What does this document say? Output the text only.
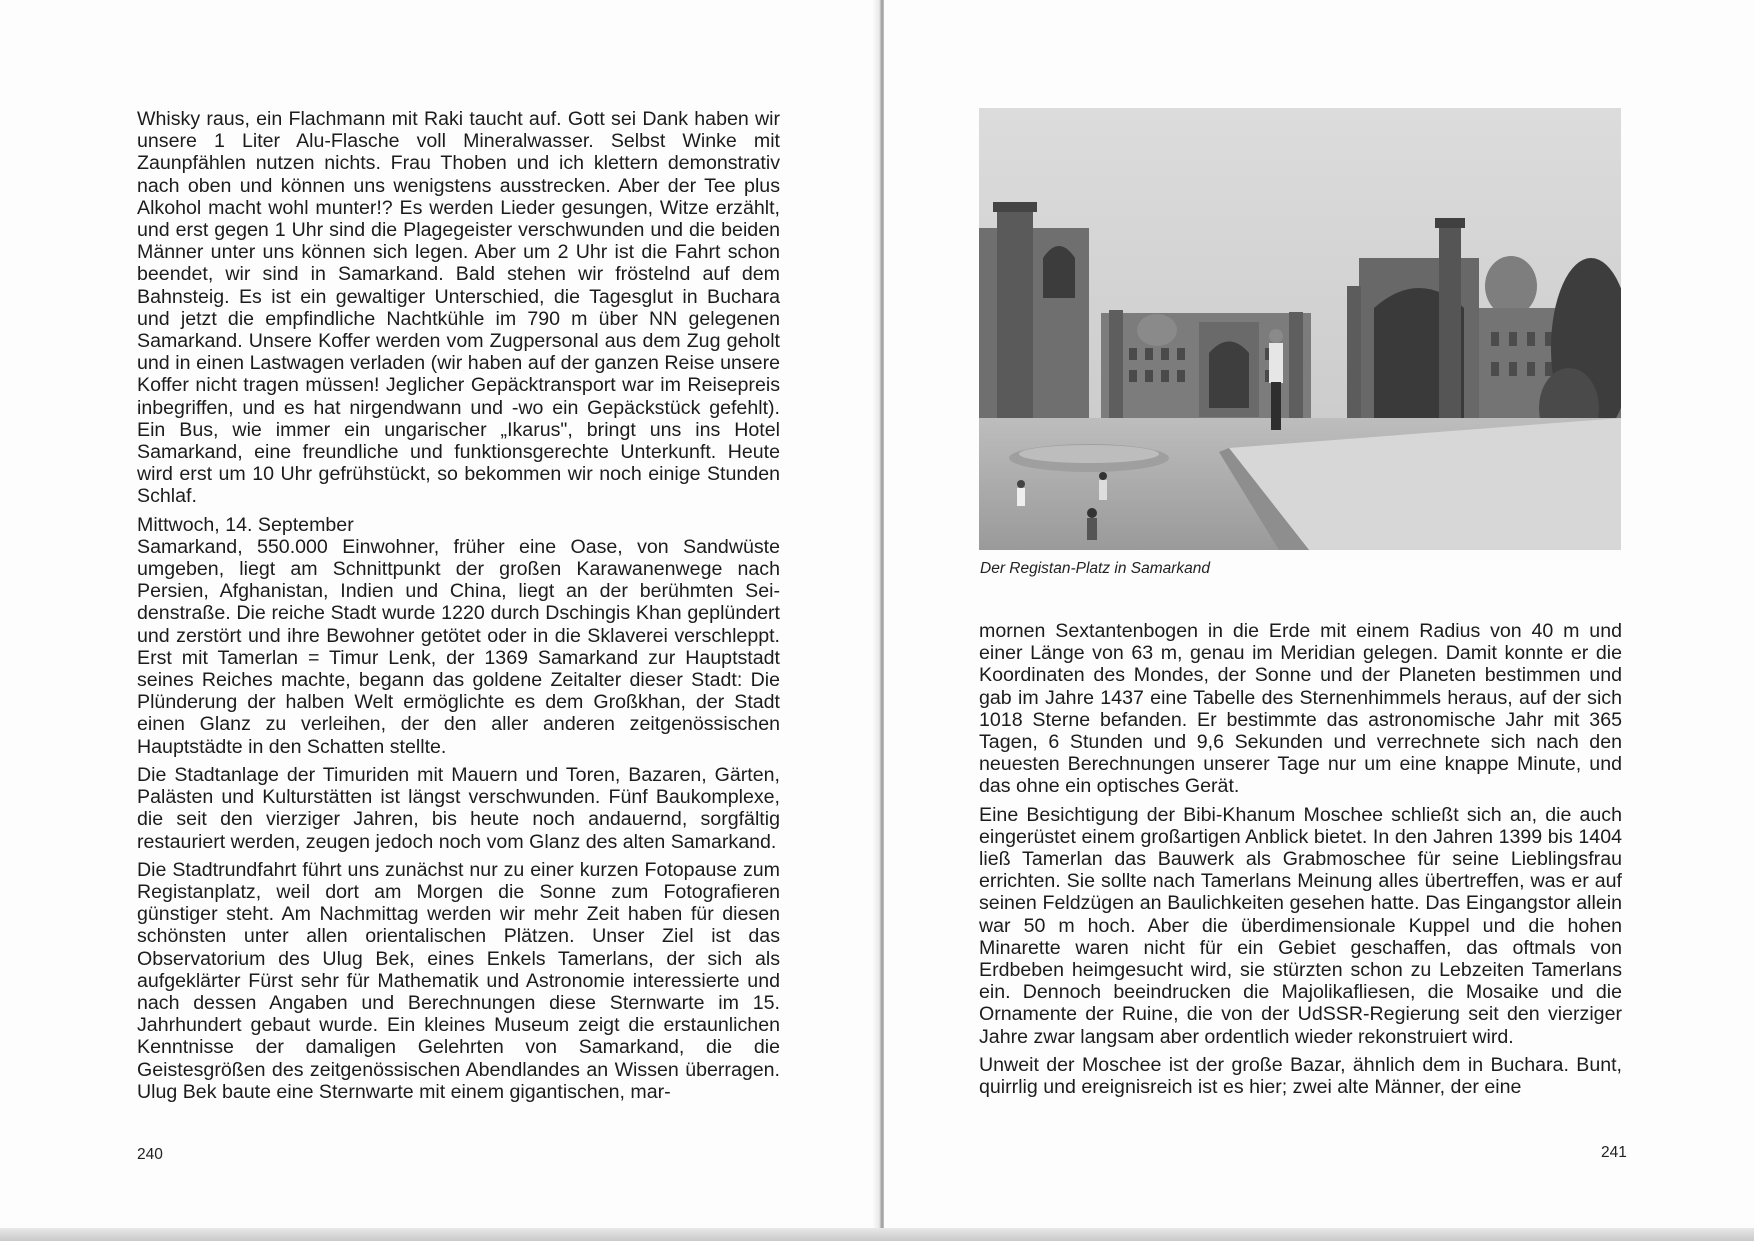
Whisky raus, ein Flachmann mit Raki taucht auf. Gott sei Dank haben wir unsere 1 Liter Alu-Flasche voll Mineralwasser. Selbst Winke mit Zaunpfählen nutzen nichts. Frau Thoben und ich klettern demonstrativ nach oben und können uns wenigstens ausstrecken. Aber der Tee plus Alkohol macht wohl munter!? Es werden Lieder gesungen, Witze erzählt, und erst gegen 1 Uhr sind die Plagegeister verschwunden und die beiden Männer unter uns können sich legen. Aber um 2 Uhr ist die Fahrt schon beendet, wir sind in Samarkand. Bald stehen wir fröstelnd auf dem Bahnsteig. Es ist ein gewaltiger Unterschied, die Tagesglut in Buchara und jetzt die empfindliche Nachtkühle im 790 m über NN gelegenen Samarkand. Unsere Koffer werden vom Zugpersonal aus dem Zug geholt und in einen Lastwagen verladen (wir haben auf der ganzen Reise unsere Koffer nicht tragen müssen! Jeglicher Gepäcktransport war im Reisepreis inbegriffen, und es hat nirgendwann und -wo ein Gepäckstück gefehlt). Ein Bus, wie immer ein ungarischer „Ikarus", bringt uns ins Hotel Samarkand, eine freundliche und funktionsgerechte Unterkunft. Heute wird erst um 10 Uhr gefrühstückt, so bekommen wir noch einige Stunden Schlaf.

Mittwoch, 14. September

Samarkand, 550.000 Einwohner, früher eine Oase, von Sandwüste umgeben, liegt am Schnittpunkt der großen Karawanenwege nach Persien, Afghanistan, Indien und China, liegt an der berühmten Seidenstraße. Die reiche Stadt wurde 1220 durch Dschingis Khan geplündert und zerstört und ihre Bewohner getötet oder in die Sklaverei verschleppt. Erst mit Tamerlan = Timur Lenk, der 1369 Samarkand zur Hauptstadt seines Reiches machte, begann das goldene Zeitalter dieser Stadt: Die Plünderung der halben Welt ermöglichte es dem Großkhan, der Stadt einen Glanz zu verleihen, der den aller anderen zeitgenössischen Hauptstädte in den Schatten stellte.

Die Stadtanlage der Timuriden mit Mauern und Toren, Bazaren, Gärten, Palästen und Kulturstätten ist längst verschwunden. Fünf Baukomplexe, die seit den vierziger Jahren, bis heute noch andauernd, sorgfältig restauriert werden, zeugen jedoch noch vom Glanz des alten Samarkand.

Die Stadtrundfahrt führt uns zunächst nur zu einer kurzen Fotopause zum Registanplatz, weil dort am Morgen die Sonne zum Fotografieren günstiger steht. Am Nachmittag werden wir mehr Zeit haben für diesen schönsten unter allen orientalischen Plätzen. Unser Ziel ist das Observatorium des Ulug Bek, eines Enkels Tamerlans, der sich als aufgeklärter Fürst sehr für Mathematik und Astronomie interessierte und nach dessen Angaben und Berechnungen diese Sternwarte im 15. Jahrhundert gebaut wurde. Ein kleines Museum zeigt die erstaunlichen Kenntnisse der damaligen Gelehrten von Samarkand, die die Geistesgrößen des zeitgenössischen Abendlandes an Wissen überragen. Ulug Bek baute eine Sternwarte mit einem gigantischen, mar-

240
Der Registan-Platz in Samarkand

mornen Sextantenbogen in die Erde mit einem Radius von 40 m und einer Länge von 63 m, genau im Meridian gelegen. Damit konnte er die Koordinaten des Mondes, der Sonne und der Planeten bestimmen und gab im Jahre 1437 eine Tabelle des Sternenhimmels heraus, auf der sich 1018 Sterne befanden. Er bestimmte das astronomische Jahr mit 365 Tagen, 6 Stunden und 9,6 Sekunden und verrechnete sich nach den neuesten Berechnungen unserer Tage nur um eine knappe Minute, und das ohne ein optisches Gerät.

Eine Besichtigung der Bibi-Khanum Moschee schließt sich an, die auch eingerüstet einem großartigen Anblick bietet. In den Jahren 1399 bis 1404 ließ Tamerlan das Bauwerk als Grabmoschee für seine Lieblingsfrau errichten. Sie sollte nach Tamerlans Meinung alles übertreffen, was er auf seinen Feldzügen an Baulichkeiten gesehen hatte. Das Eingangstor allein war 50 m hoch. Aber die überdimensionale Kuppel und die hohen Minarette waren nicht für ein Gebiet geschaffen, das oftmals von Erdbeben heimgesucht wird, sie stürzten schon zu Lebzeiten Tamerlans ein. Dennoch beeindrucken die Majolikafliesen, die Mosaike und die Ornamente der Ruine, die von der UdSSR-Regierung seit den vierziger Jahre zwar langsam aber ordentlich wieder rekonstruiert wird.

Unweit der Moschee ist der große Bazar, ähnlich dem in Buchara. Bunt, quirrlig und ereignisreich ist es hier; zwei alte Männer, der eine

241
